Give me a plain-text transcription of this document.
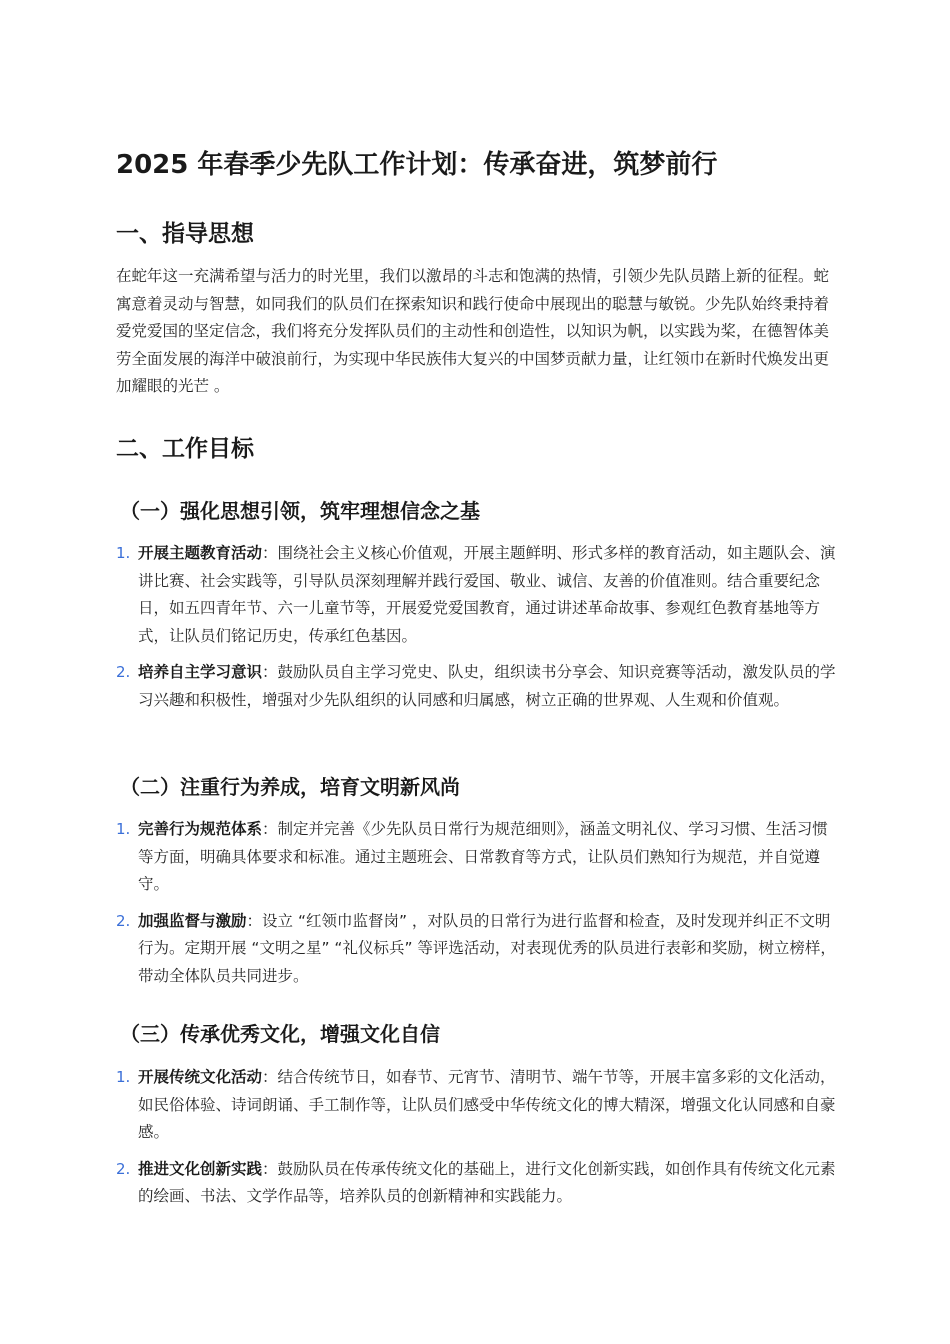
2025 年春季少先队工作计划：传承奋进，筑梦前行
一、指导思想

在蛇年这一充满希望与活力的时光里，我们以激昂的斗志和饱满的热情，引领少先队员踏上新的征程。蛇寓意着灵动与智慧，如同我们的队员们在探索知识和践行使命中展现出的聪慧与敏锐。少先队始终秉持着爱党爱国的坚定信念，我们将充分发挥队员们的主动性和创造性，以知识为帆，以实践为桨，在德智体美劳全面发展的海洋中破浪前行，为实现中华民族伟大复兴的中国梦贡献力量，让红领巾在新时代焕发出更加耀眼的光芒 。

二、工作目标
（一）强化思想引领，筑牢理想信念之基
1. 开展主题教育活动：围绕社会主义核心价值观，开展主题鲜明、形式多样的教育活动，如主题队会、演讲比赛、社会实践等，引导队员深刻理解并践行爱国、敬业、诚信、友善的价值准则。结合重要纪念日，如五四青年节、六一儿童节等，开展爱党爱国教育，通过讲述革命故事、参观红色教育基地等方式，让队员们铭记历史，传承红色基因。
2. 培养自主学习意识：鼓励队员自主学习党史、队史，组织读书分享会、知识竞赛等活动，激发队员的学习兴趣和积极性，增强对少先队组织的认同感和归属感，树立正确的世界观、人生观和价值观。
（二）注重行为养成，培育文明新风尚
1. 完善行为规范体系：制定并完善《少先队员日常行为规范细则》，涵盖文明礼仪、学习习惯、生活习惯等方面，明确具体要求和标准。通过主题班会、日常教育等方式，让队员们熟知行为规范，并自觉遵守。
2. 加强监督与激励：设立 “红领巾监督岗” ，对队员的日常行为进行监督和检查，及时发现并纠正不文明行为。定期开展 “文明之星” “礼仪标兵” 等评选活动，对表现优秀的队员进行表彰和奖励，树立榜样，带动全体队员共同进步。
（三）传承优秀文化，增强文化自信
1. 开展传统文化活动：结合传统节日，如春节、元宵节、清明节、端午节等，开展丰富多彩的文化活动，如民俗体验、诗词朗诵、手工制作等，让队员们感受中华传统文化的博大精深，增强文化认同感和自豪感。
2. 推进文化创新实践：鼓励队员在传承传统文化的基础上，进行文化创新实践，如创作具有传统文化元素的绘画、书法、文学作品等，培养队员的创新精神和实践能力。
